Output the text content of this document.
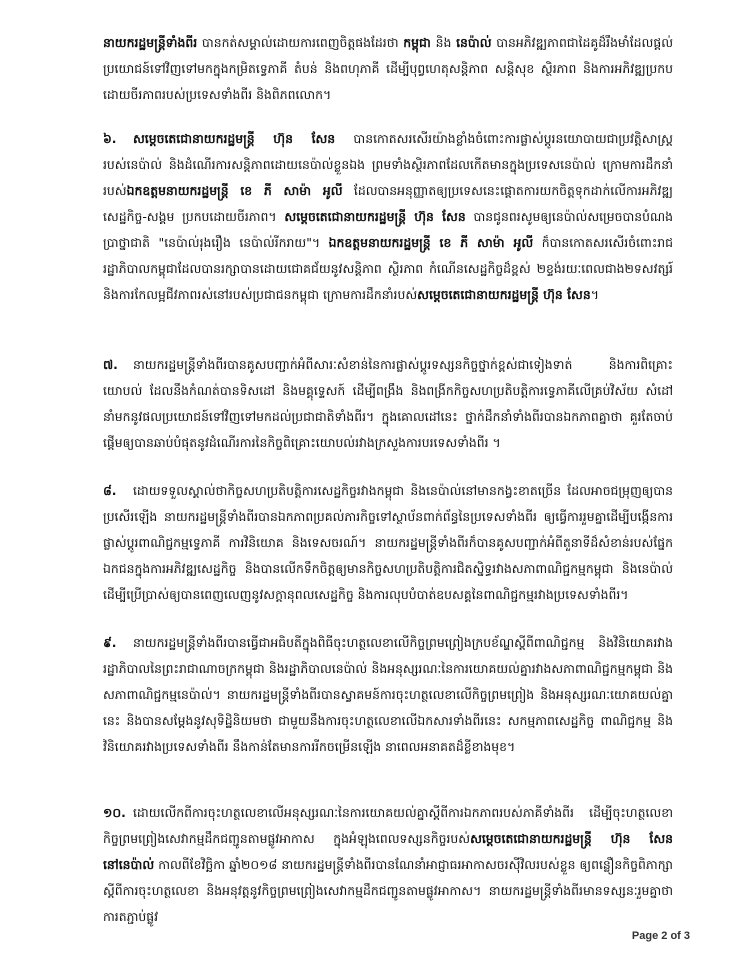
នាយករដ្ឋមន្ត្រីទាំងពីរ បានកត់សម្គាល់ដោយការពេញចិត្តផងដែរថា កម្ពុជា និង នេប៉ាល់ បានអភិវឌ្ឍភាពជាដៃគូដ៏រឹងមាំដែលផ្តល់ប្រយោជន៍ទៅវិញទៅមកក្នុងកម្រិតទ្វេភាគី តំបន់ និងពហុភាគី ដើម្បីបុព្វហេតុសន្តិភាព សន្តិសុខ ស្ថិរភាព និងការអភិវឌ្ឍប្រកបដោយចីរភាពរបស់ប្រទេសទាំងពីរ និងពិភពលោក។

៦. សម្តេចតេជោនាយករដ្ឋមន្ត្រី ហ៊ុន សែន បានកោតសរសើរយ៉ាងខ្លាំងចំពោះការផ្លាស់ប្តូរនយោបាយជាប្រវត្តិសាស្ត្ររបស់នេប៉ាល់ និងដំណើរការសន្តិភាពដោយនេប៉ាល់ខ្លួនឯង ព្រមទាំងស្ថិរភាពដែលកើតមានក្នុងប្រទេសនេប៉ាល់ ក្រោមការដឹកនាំរបស់ឯកឧត្តមនាយករដ្ឋមន្ត្រី ខេ ភី សាម៉ា អូលី ដែលបានអនុញ្ញាតឲ្យប្រទេសនេះផ្តោតការយកចិត្តទុកដាក់លើការអភិវឌ្ឍសេដ្ឋកិច្ច-សង្គម ប្រកបដោយចីរភាព។ សម្តេចតេជោនាយករដ្ឋមន្ត្រី ហ៊ុន សែន បានជូនពរសូមឲ្យនេប៉ាល់សម្រេចបានបំណងប្រាថ្នាជាតិ "នេប៉ាល់រុងរឿង នេប៉ាល់រីករាយ"។ ឯកឧត្តមនាយករដ្ឋមន្ត្រី ខេ ភី សាម៉ា អូលី ក៏បានកោតសរសើរចំពោះរាជរដ្ឋាភិបាលកម្ពុជាដែលបានរក្សាបានដោយជោគជ័យនូវសន្តិភាព ស្ថិរភាព កំណើនសេដ្ឋកិច្ចដ៏ខ្ពស់ ២ខ្ទង់រយៈពេលជាង២ទសវត្សរ៍ និងការកែលម្អជីវភាពរស់នៅរបស់ប្រជាជនកម្ពុជា ក្រោមការដឹកនាំរបស់សម្តេចតេជោនាយករដ្ឋមន្ត្រី ហ៊ុន សែន។

៧. នាយករដ្ឋមន្ត្រីទាំងពីរបានគូសបញ្ជាក់អំពីសារៈសំខាន់នៃការផ្លាស់ប្តូរទស្សនកិច្ចថ្នាក់ខ្ពស់ជាទៀងទាត់ និងការពិគ្រោះយោបល់ ដែលនឹងកំណត់បានទិសដៅ និងមគ្គុទ្ទេសក៍ ដើម្បីពង្រឹង និងពង្រីកកិច្ចសហប្រតិបត្តិការទ្វេភាគីលើគ្រប់វិស័យ សំដៅនាំមកនូវផលប្រយោជន៍ទៅវិញទៅមកដល់ប្រជាជាតិទាំងពីរ។ ក្នុងគោលដៅនេះ ថ្នាក់ដឹកនាំទាំងពីរបានឯកភាពគ្នាថា គួរតែចាប់ផ្តើមឲ្យបានឆាប់បំផុតនូវដំណើរការនៃកិច្ចពិគ្រោះយោបល់រវាងក្រសួងការបរទេសទាំងពីរ ។

៨. ដោយទទួលស្គាល់ថាកិច្ចសហប្រតិបត្តិការសេដ្ឋកិច្ចរវាងកម្ពុជា និងនេប៉ាល់នៅមានកង្វះខាតច្រើន ដែលអាចជម្រុញឲ្យបានប្រសើរឡើង នាយករដ្ឋមន្ត្រីទាំងពីរបានឯកភាពប្រគល់ភារកិច្ចទៅស្ថាប័នពាក់ព័ន្ធនៃប្រទេសទាំងពីរ ឲ្យធ្វើការរួមគ្នាដើម្បីបង្កើនការផ្លាស់ប្តូរពាណិជ្ជកម្មទ្វេភាគី ការវិនិយោគ និងទេសចរណ៍។ នាយករដ្ឋមន្ត្រីទាំងពីរក៏បានគូសបញ្ជាក់អំពីតួនាទីដ៏សំខាន់របស់ផ្នែកឯកជនក្នុងការអភិវឌ្ឍសេដ្ឋកិច្ច និងបានលើកទឹកចិត្តឲ្យមានកិច្ចសហប្រតិបត្តិការជិតស្និទ្ធរវាងសភាពាណិជ្ជកម្មកម្ពុជា និងនេប៉ាល់ ដើម្បីប្រើប្រាស់ឲ្យបានពេញលេញនូវសក្តានុពលសេដ្ឋកិច្ច និងការលុបបំបាត់ឧបសគ្គនៃពាណិជ្ជកម្មរវាងប្រទេសទាំងពីរ។

៩. នាយករដ្ឋមន្ត្រីទាំងពីរបានធ្វើជាអធិបតីក្នុងពិធីចុះហត្ថលេខាលើកិច្ចព្រមព្រៀងក្របខ័ណ្ឌស្តីពីពាណិជ្ជកម្ម និងវិនិយោគរវាងរដ្ឋាភិបាលនៃព្រះរាជាណាចក្រកម្ពុជា និងរដ្ឋាភិបាលនេប៉ាល់ និងអនុស្សរណៈនៃការយោគយល់គ្នារវាងសភាពាណិជ្ជកម្មកម្ពុជា និងសភាពាណិជ្ជកម្មនេប៉ាល់។ នាយករដ្ឋមន្ត្រីទាំងពីរបានស្វាគមន៍ការចុះហត្ថលេខាលើកិច្ចព្រមព្រៀង និងអនុស្សរណៈយោគយល់គ្នានេះ និងបានសម្តែងនូវសុទិដ្ឋិនិយមថា ជាមួយនឹងការចុះហត្ថលេខាលើឯកសារទាំងពីរនេះ សកម្មភាពសេដ្ឋកិច្ច ពាណិជ្ជកម្ម និងវិនិយោគរវាងប្រទេសទាំងពីរ នឹងកាន់តែមានការរីកចម្រើនឡើង នាពេលអនាគតដ៏ខ្លីខាងមុខ។

១០. ដោយលើកពីការចុះហត្ថលេខាលើអនុស្សរណៈនៃការយោគយល់គ្នាស្តីពីការឯកភាពរបស់ភាគីទាំងពីរ ដើម្បីចុះហត្ថលេខាកិច្ចព្រមព្រៀងសេវាកម្មដឹកជញ្ជូនតាមផ្លូវអាកាស ក្នុងអំឡុងពេលទស្សនកិច្ចរបស់សម្តេចតេជោនាយករដ្ឋមន្ត្រី ហ៊ុន សែន នៅនេប៉ាល់ កាលពីខែវិច្ឆិកា ឆ្នាំ២០១៨ នាយករដ្ឋមន្ត្រីទាំងពីរបានណែនាំអាជ្ញាធរអាកាសចរស៊ីវិលរបស់ខ្លួន ឲ្យពន្លឿនកិច្ចពិភាក្សាស្តីពីការចុះហត្ថលេខា និងអនុវត្តនូវកិច្ចព្រមព្រៀងសេវាកម្មដឹកជញ្ជូនតាមផ្លូវអាកាស។ នាយករដ្ឋមន្ត្រីទាំងពីរមានទស្សនៈរួមគ្នាថា ការតភ្ជាប់ផ្លូវ

Page 2 of 3
